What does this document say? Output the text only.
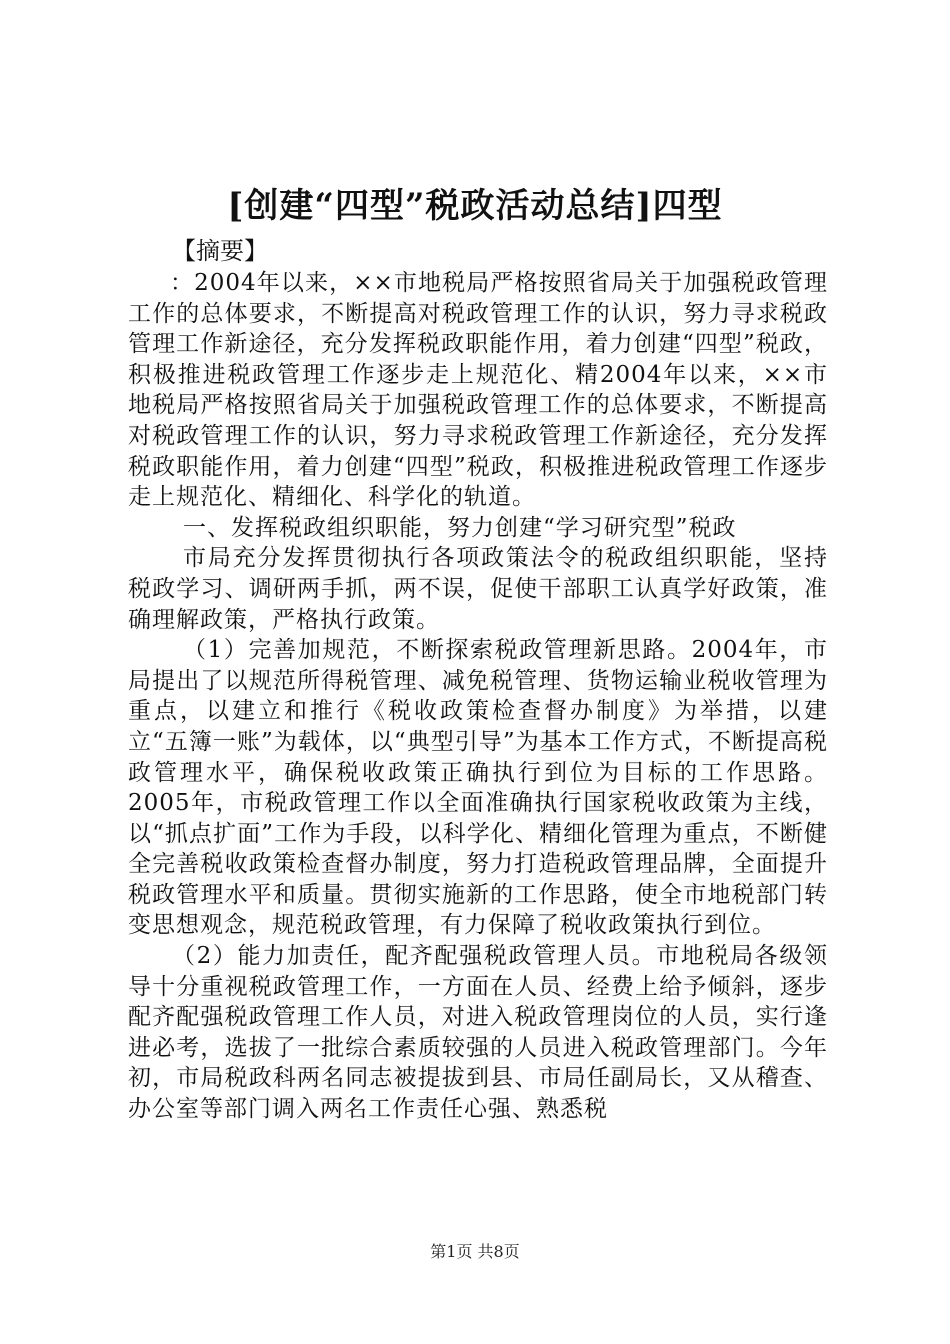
[创建“四型”税政活动总结]四型
【摘要】

：2004年以来，××市地税局严格按照省局关于加强税政管理工作的总体要求，不断提高对税政管理工作的认识，努力寻求税政管理工作新途径，充分发挥税政职能作用，着力创建“四型”税政，积极推进税政管理工作逐步走上规范化、精2004年以来，××市地税局严格按照省局关于加强税政管理工作的总体要求，不断提高对税政管理工作的认识，努力寻求税政管理工作新途径，充分发挥税政职能作用，着力创建“四型”税政，积极推进税政管理工作逐步走上规范化、精细化、科学化的轨道。

一、发挥税政组织职能，努力创建“学习研究型”税政

市局充分发挥贯彻执行各项政策法令的税政组织职能，坚持税政学习、调研两手抓，两不误，促使干部职工认真学好政策，准确理解政策，严格执行政策。

（1）完善加规范，不断探索税政管理新思路。2004年，市局提出了以规范所得税管理、减免税管理、货物运输业税收管理为重点，以建立和推行《税收政策检查督办制度》为举措，以建立“五簿一账”为载体，以“典型引导”为基本工作方式，不断提高税政管理水平，确保税收政策正确执行到位为目标的工作思路。2005年，市税政管理工作以全面准确执行国家税收政策为主线，以“抓点扩面”工作为手段，以科学化、精细化管理为重点，不断健全完善税收政策检查督办制度，努力打造税政管理品牌，全面提升税政管理水平和质量。贯彻实施新的工作思路，使全市地税部门转变思想观念，规范税政管理，有力保障了税收政策执行到位。

（2）能力加责任，配齐配强税政管理人员。市地税局各级领导十分重视税政管理工作，一方面在人员、经费上给予倾斜，逐步配齐配强税政管理工作人员，对进入税政管理岗位的人员，实行逢进必考，选拔了一批综合素质较强的人员进入税政管理部门。今年初，市局税政科两名同志被提拔到县、市局任副局长，又从稽查、办公室等部门调入两名工作责任心强、熟悉税

第1页 共8页
